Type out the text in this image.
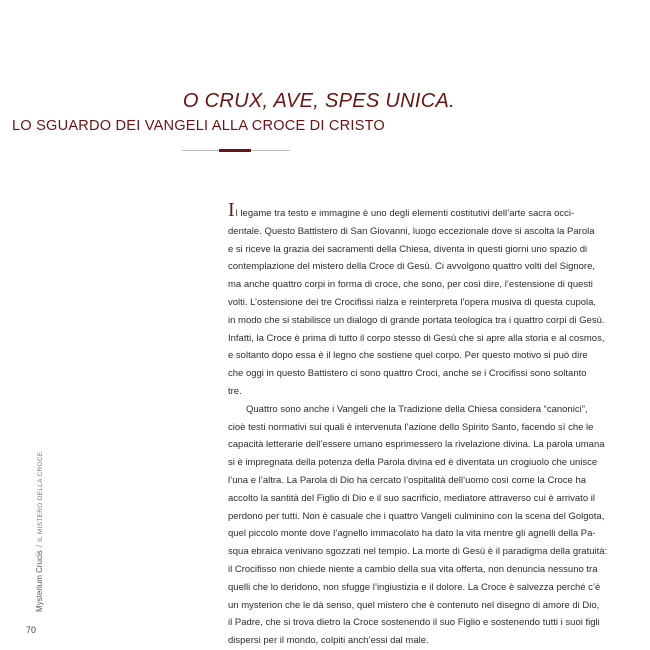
O CRUX, AVE, SPES UNICA.
LO SGUARDO DEI VANGELI ALLA CROCE DI CRISTO
Il legame tra testo e immagine è uno degli elementi costitutivi dell’arte sacra occi-
dentale. Questo Battistero di San Giovanni, luogo eccezionale dove si ascolta la Parola
e si riceve la grazia dei sacramenti della Chiesa, diventa in questi giorni uno spazio di
contemplazione del mistero della Croce di Gesù. Ci avvolgono quattro volti del Signore,
ma anche quattro corpi in forma di croce, che sono, per così dire, l’estensione di questi
volti. L’ostensione dei tre Crocifissi rialza e reinterpreta l’opera musiva di questa cupola,
in modo che si stabilisce un dialogo di grande portata teologica tra i quattro corpi di Gesù.
Infatti, la Croce è prima di tutto il corpo stesso di Gesù che si apre alla storia e al cosmos,
e soltanto dopo essa è il legno che sostiene quel corpo. Per questo motivo si può dire
che oggi in questo Battistero ci sono quattro Croci, anche se i Crocifissi sono soltanto
tre.
Quattro sono anche i Vangeli che la Tradizione della Chiesa considera “canonici”,
cioè testi normativi sui quali è intervenuta l’azione dello Spirito Santo, facendo sì che le
capacità letterarie dell’essere umano esprimessero la rivelazione divina. La parola umana
si è impregnata della potenza della Parola divina ed è diventata un crogiuolo che unisce
l’una e l’altra. La Parola di Dio ha cercato l’ospitalità dell’uomo così come la Croce ha
accolto la santità del Figlio di Dio e il suo sacrificio, mediatore attraverso cui è arrivato il
perdono per tutti. Non è casuale che i quattro Vangeli culminino con la scena del Golgota,
quel piccolo monte dove l’agnello immacolato ha dato la vita mentre gli agnelli della Pa-
squa ebraica venivano sgozzati nel tempio. La morte di Gesù è il paradigma della gratuità:
il Crocifisso non chiede niente a cambio della sua vita offerta, non denuncia nessuno tra
quelli che lo deridono, non sfugge l’ingiustizia e il dolore. La Croce è salvezza perché c’è
un mysterion che le dà senso, quel mistero che è contenuto nel disegno di amore di Dio,
il Padre, che si trova dietro la Croce sostenendo il suo Figlio e sostenendo tutti i suoi figli
dispersi per il mondo, colpiti anch’essi dal male.
Mysterium Crucis/IL MISTERO DELLA CROCE
70
